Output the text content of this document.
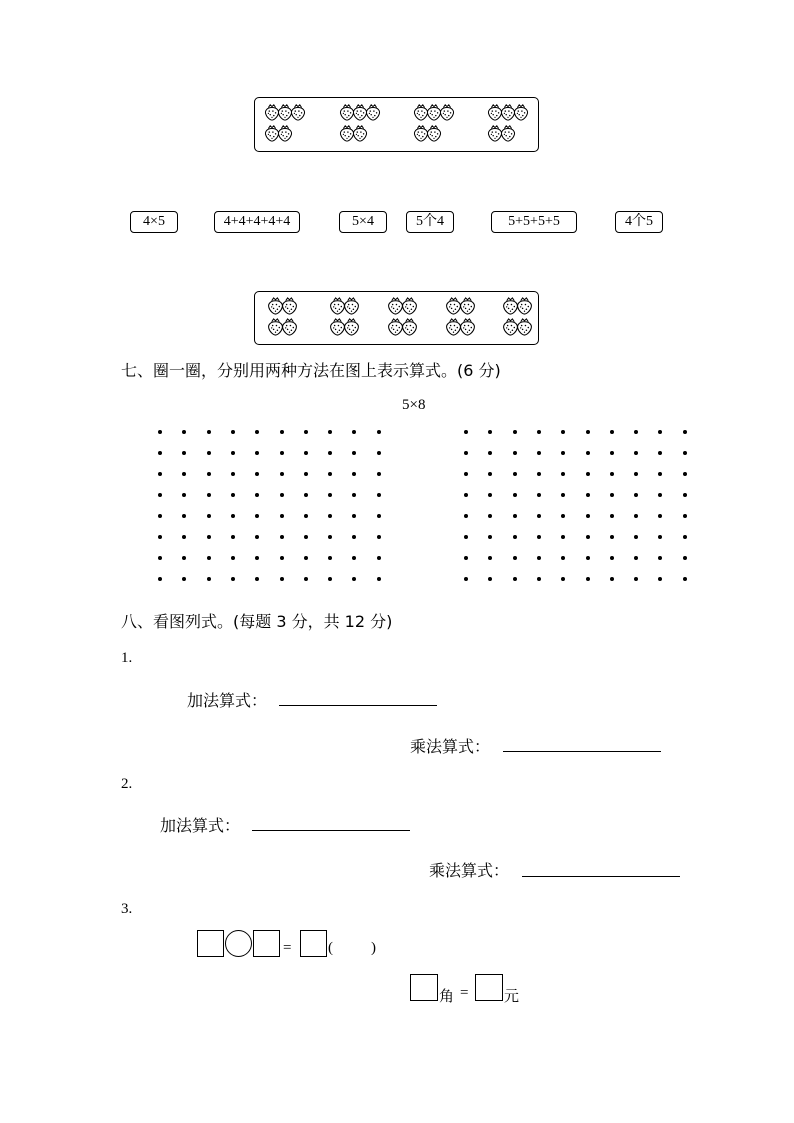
4×5	4+4+4+4+4	5×4	5个4	5+5+5+5	4个5
七、圈一圈，分别用两种方法在图上表示算式。(6 分)
5×8
八、看图列式。(每题 3 分，共 12 分)
1.
加法算式：
乘法算式：
2.
加法算式：
乘法算式：
3.
= (	)
角 = 元
